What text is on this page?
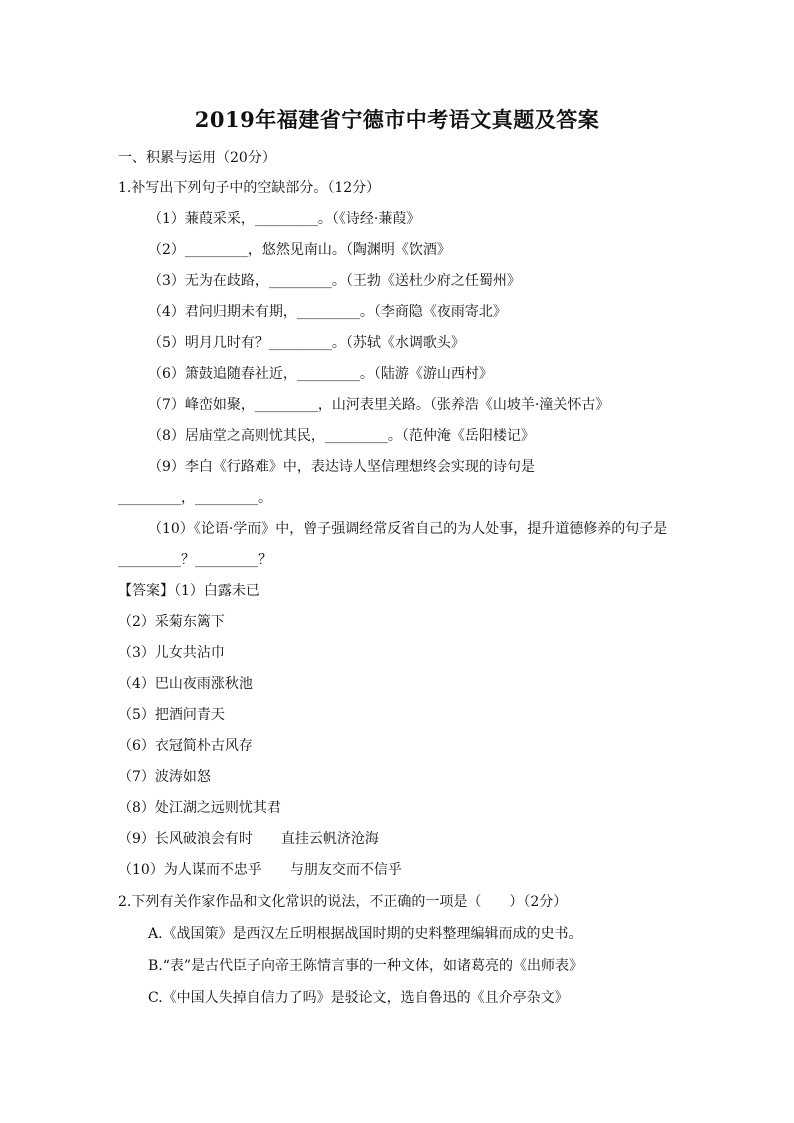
2019年福建省宁德市中考语文真题及答案
一、积累与运用（20分）
1.补写出下列句子中的空缺部分。（12分）
（1）蒹葭采采，_________。（《诗经·蒹葭》
（2）_________，悠然见南山。（陶渊明《饮酒》
（3）无为在歧路，_________。（王勃《送杜少府之任蜀州》
（4）君问归期未有期，_________。（李商隐《夜雨寄北》
（5）明月几时有？_________。（苏轼《水调歌头》
（6）箫鼓追随春社近，_________。（陆游《游山西村》
（7）峰峦如聚，_________，山河表里关路。（张养浩《山坡羊·潼关怀古》
（8）居庙堂之高则忧其民，_________。（范仲淹《岳阳楼记》
（9）李白《行路难》中，表达诗人坚信理想终会实现的诗句是
_________，_________。
（10）《论语·学而》中，曾子强调经常反省自己的为人处事，提升道德修养的句子是
_________？_________？
【答案】（1）白露未已
（2）采菊东篱下
（3）儿女共沾巾
（4）巴山夜雨涨秋池
（5）把酒问青天
（6）衣冠简朴古风存
（7）波涛如怒
（8）处江湖之远则忧其君
（9）长风破浪会有时　　直挂云帆济沧海
（10）为人谋而不忠乎　　与朋友交而不信乎
2.下列有关作家作品和文化常识的说法，不正确的一项是（　　）（2分）
A.《战国策》是西汉左丘明根据战国时期的史料整理编辑而成的史书。
B.“表”是古代臣子向帝王陈情言事的一种文体，如诸葛亮的《出师表》
C.《中国人失掉自信力了吗》是驳论文，选自鲁迅的《且介亭杂文》
